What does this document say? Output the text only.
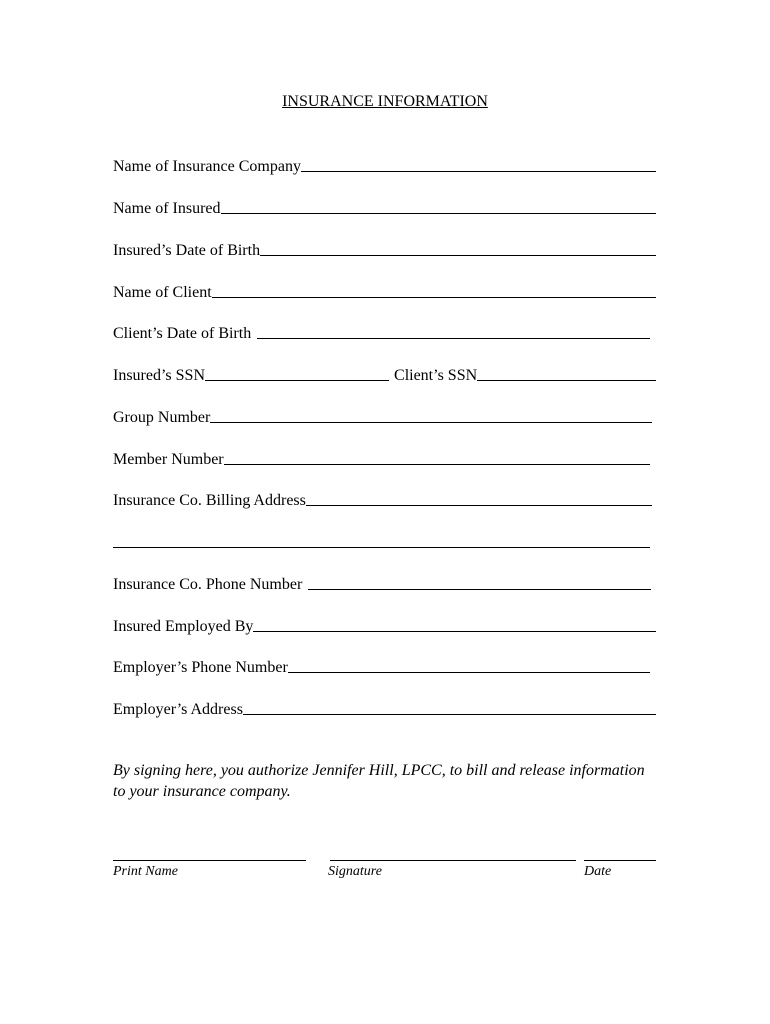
INSURANCE INFORMATION
Name of Insurance Company
Name of Insured
Insured’s Date of Birth
Name of Client
Client’s Date of Birth
Insured’s SSN	Client’s SSN
Group Number
Member Number
Insurance Co. Billing Address
Insurance Co. Phone Number
Insured Employed By
Employer’s Phone Number
Employer’s Address
By signing here, you authorize Jennifer Hill, LPCC, to bill and release information to your insurance company.
Print Name	Signature	Date
